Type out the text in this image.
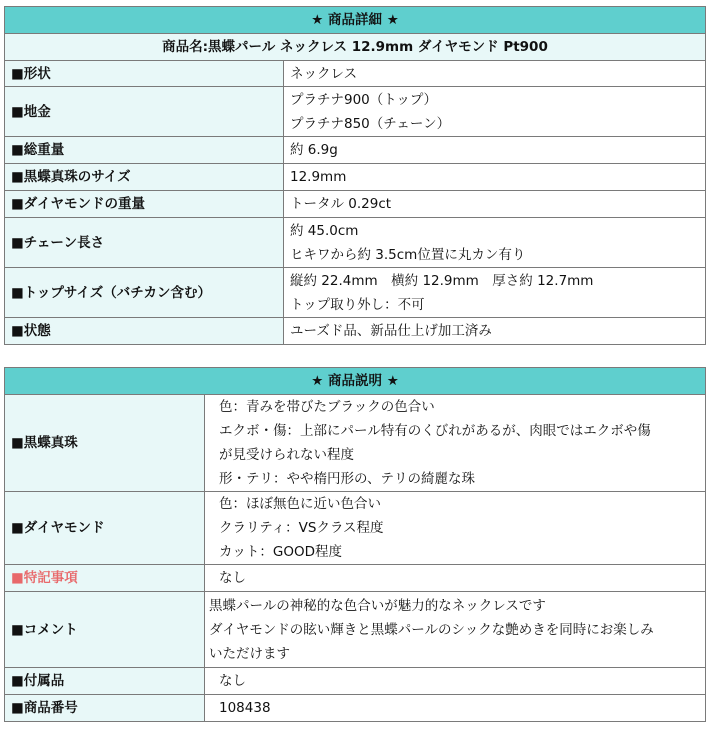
★ 商品詳細 ★	
商品名:黒蝶パール ネックレス 12.9mm ダイヤモンド Pt900	
■形状	ネックレス

■地金	プラチナ900（トップ）
プラチナ850（チェーン）

■総重量	約 6.9g

■黒蝶真珠のサイズ	12.9mm

■ダイヤモンドの重量	トータル 0.29ct

■チェーン長さ	約 45.0cm
ヒキワから約 3.5cm位置に丸カン有り

■トップサイズ（バチカン含む）	縦約 22.4mm　横約 12.9mm　厚さ約 12.7mm
トップ取り外し：不可

■状態	ユーズド品、新品仕上げ加工済み
★ 商品説明 ★	
■黒蝶真珠	色：青みを帯びたブラックの色合い
エクボ・傷：上部にパール特有のくびれがあるが、肉眼ではエクボや傷
が見受けられない程度
形・テリ：やや楕円形の、テリの綺麗な珠

■ダイヤモンド	色：ほぼ無色に近い色合い
クラリティ：VSクラス程度
カット：GOOD程度

■特記事項	なし

■コメント	黒蝶パールの神秘的な色合いが魅力的なネックレスです
ダイヤモンドの眩い輝きと黒蝶パールのシックな艶めきを同時にお楽しみ
いただけます

■付属品	なし

■商品番号	108438
